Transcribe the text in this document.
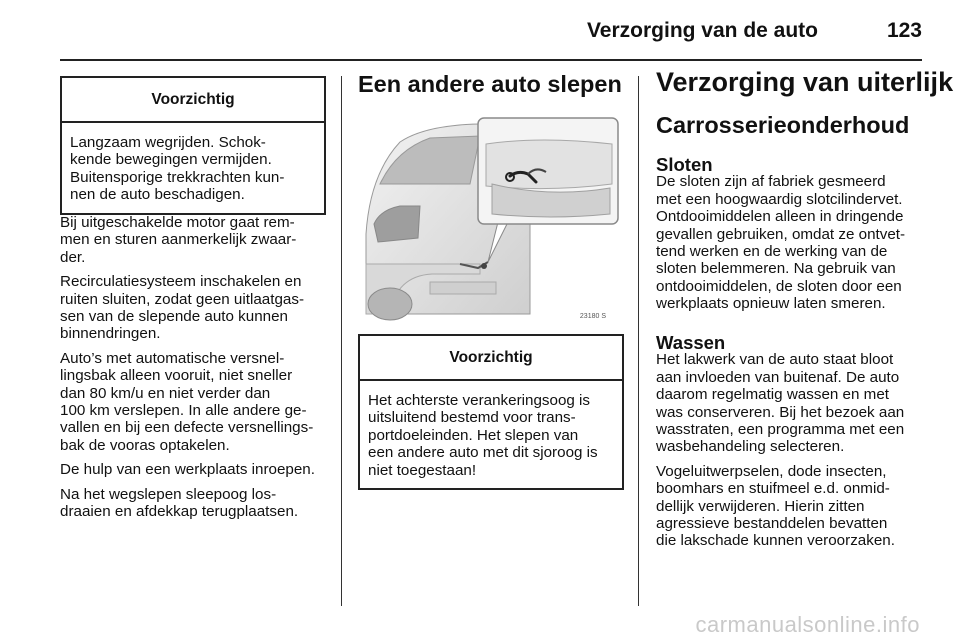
Verzorging van de auto	123
Voorzichtig
Langzaam wegrijden. Schok-
kende bewegingen vermijden.
Buitensporige trekkrachten kun-
nen de auto beschadigen.

Bij uitgeschakelde motor gaat rem-
men en sturen aanmerkelijk zwaar-
der.

Recirculatiesysteem inschakelen en
ruiten sluiten, zodat geen uitlaatgas-
sen van de slepende auto kunnen
binnendringen.

Auto’s met automatische versnel-
lingsbak alleen vooruit, niet sneller
dan 80 km/u en niet verder dan
100 km verslepen. In alle andere ge-
vallen en bij een defecte versnellings-
bak de vooras optakelen.

De hulp van een werkplaats inroepen.

Na het wegslepen sleepoog los-
draaien en afdekkap terugplaatsen.

Een andere auto slepen
23180 S
Voorzichtig
Het achterste verankeringsoog is
uitsluitend bestemd voor trans-
portdoeleinden. Het slepen van
een andere auto met dit sjoroog is
niet toegestaan!
Verzorging van uiterlijk
Carrosserieonderhoud
Sloten

De sloten zijn af fabriek gesmeerd
met een hoogwaardig slotcilindervet.
Ontdooimiddelen alleen in dringende
gevallen gebruiken, omdat ze ontvet-
tend werken en de werking van de
sloten belemmeren. Na gebruik van
ontdooimiddelen, de sloten door een
werkplaats opnieuw laten smeren.

Wassen

Het lakwerk van de auto staat bloot
aan invloeden van buitenaf. De auto
daarom regelmatig wassen en met
was conserveren. Bij het bezoek aan
wasstraten, een programma met een
wasbehandeling selecteren.

Vogeluitwerpselen, dode insecten,
boomhars en stuifmeel e.d. onmid-
dellijk verwijderen. Hierin zitten
agressieve bestanddelen bevatten
die lakschade kunnen veroorzaken.

carmanualsonline.info
